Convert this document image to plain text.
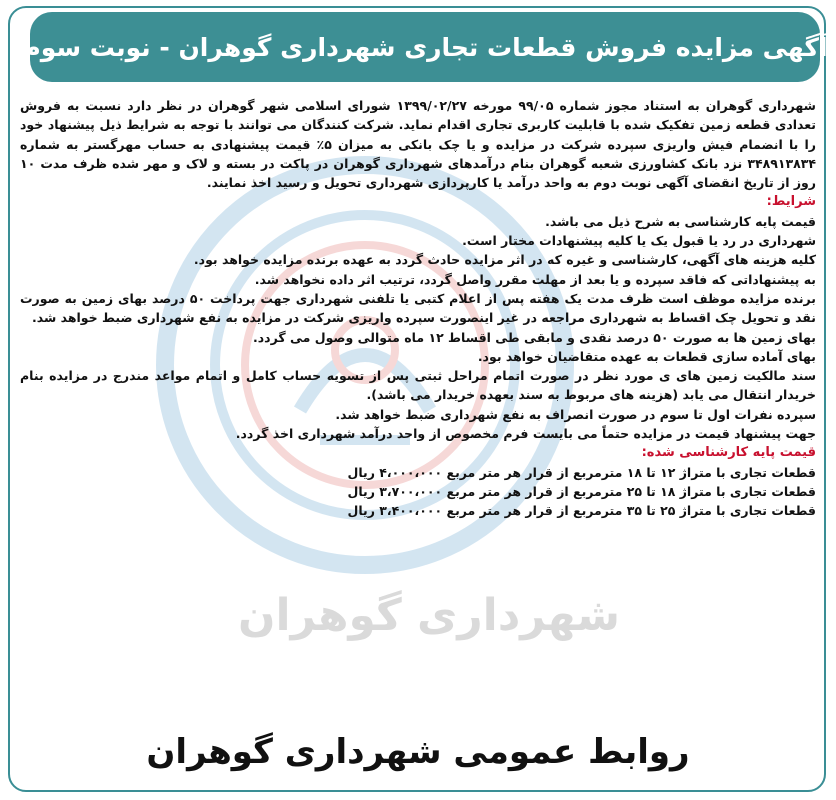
آگهی مزایده فروش قطعات تجاری شهرداری گوهران - نوبت سوم
شهرداری گوهران

شهرداری گوهران به استناد مجوز شماره ۹۹/۰۵ مورخه ۱۳۹۹/۰۲/۲۷ شورای اسلامی شهر گوهران در نظر دارد نسبت به فروش تعدادی قطعه زمین تفکیک شده با قابلیت کاربری تجاری اقدام نماید. شرکت کنندگان می توانند با توجه به شرایط ذیل پیشنهاد خود را با انضمام فیش واریزی سپرده شرکت در مزایده و یا چک بانکی به میزان ۵٪ قیمت پیشنهادی به حساب مهرگستر به شماره ۳۴۸۹۱۳۸۳۴ نزد بانک کشاورزی شعبه گوهران بنام درآمدهای شهرداری گوهران در پاکت در بسته و لاک و مهر شده ظرف مدت ۱۰ روز از تاریخ انقضای آگهی نوبت دوم به واحد درآمد یا کارپردازی شهرداری تحویل و رسید اخذ نمایند.

شرایط:

قیمت پایه کارشناسی به شرح ذیل می باشد.

شهرداری در رد یا قبول یک یا کلیه پیشنهادات مختار است.

کلیه هزینه های آگهی، کارشناسی و غیره که در اثر مزایده حادث گردد به عهده برنده مزایده خواهد بود.

به پیشنهاداتی که فاقد سپرده و یا بعد از مهلت مقرر واصل گردد، ترتیب اثر داده نخواهد شد.

برنده مزایده موظف است ظرف مدت یک هفته پس از اعلام کتبی یا تلفنی شهرداری جهت پرداخت ۵۰ درصد بهای زمین به صورت نقد و تحویل چک اقساط به شهرداری مراجعه در غیر اینصورت سپرده واریزی شرکت در مزایده به نفع شهرداری ضبط خواهد شد.

بهای زمین ها به صورت ۵۰ درصد نقدی و مابقی طی اقساط ۱۲ ماه متوالی وصول می گردد.

بهای آماده سازی قطعات به عهده متقاضیان خواهد بود.

سند مالکیت زمین های ی مورد نظر در صورت اتمام مراحل ثبتی پس از تسویه حساب کامل و اتمام مواعد مندرج در مزایده بنام خریدار انتقال می یابد (هزینه های مربوط به سند بعهده خریدار می باشد).

سپرده نفرات اول تا سوم در صورت انصراف به نفع شهرداری ضبط خواهد شد.

جهت پیشنهاد قیمت در مزایده حتماً می بایست فرم مخصوص از واحد درآمد شهرداری اخذ گردد.

قیمت پایه کارشناسی شده:

قطعات تجاری با متراژ ۱۲ تا ۱۸ مترمربع از قرار هر متر مربع ۴،۰۰۰،۰۰۰ ریال

قطعات تجاری با متراژ ۱۸ تا ۲۵ مترمربع از قرار هر متر مربع ۳،۷۰۰،۰۰۰ ریال

قطعات تجاری با متراژ ۲۵ تا ۳۵ مترمربع از قرار هر متر مربع ۳،۴۰۰،۰۰۰ ریال

روابط عمومی شهرداری گوهران
